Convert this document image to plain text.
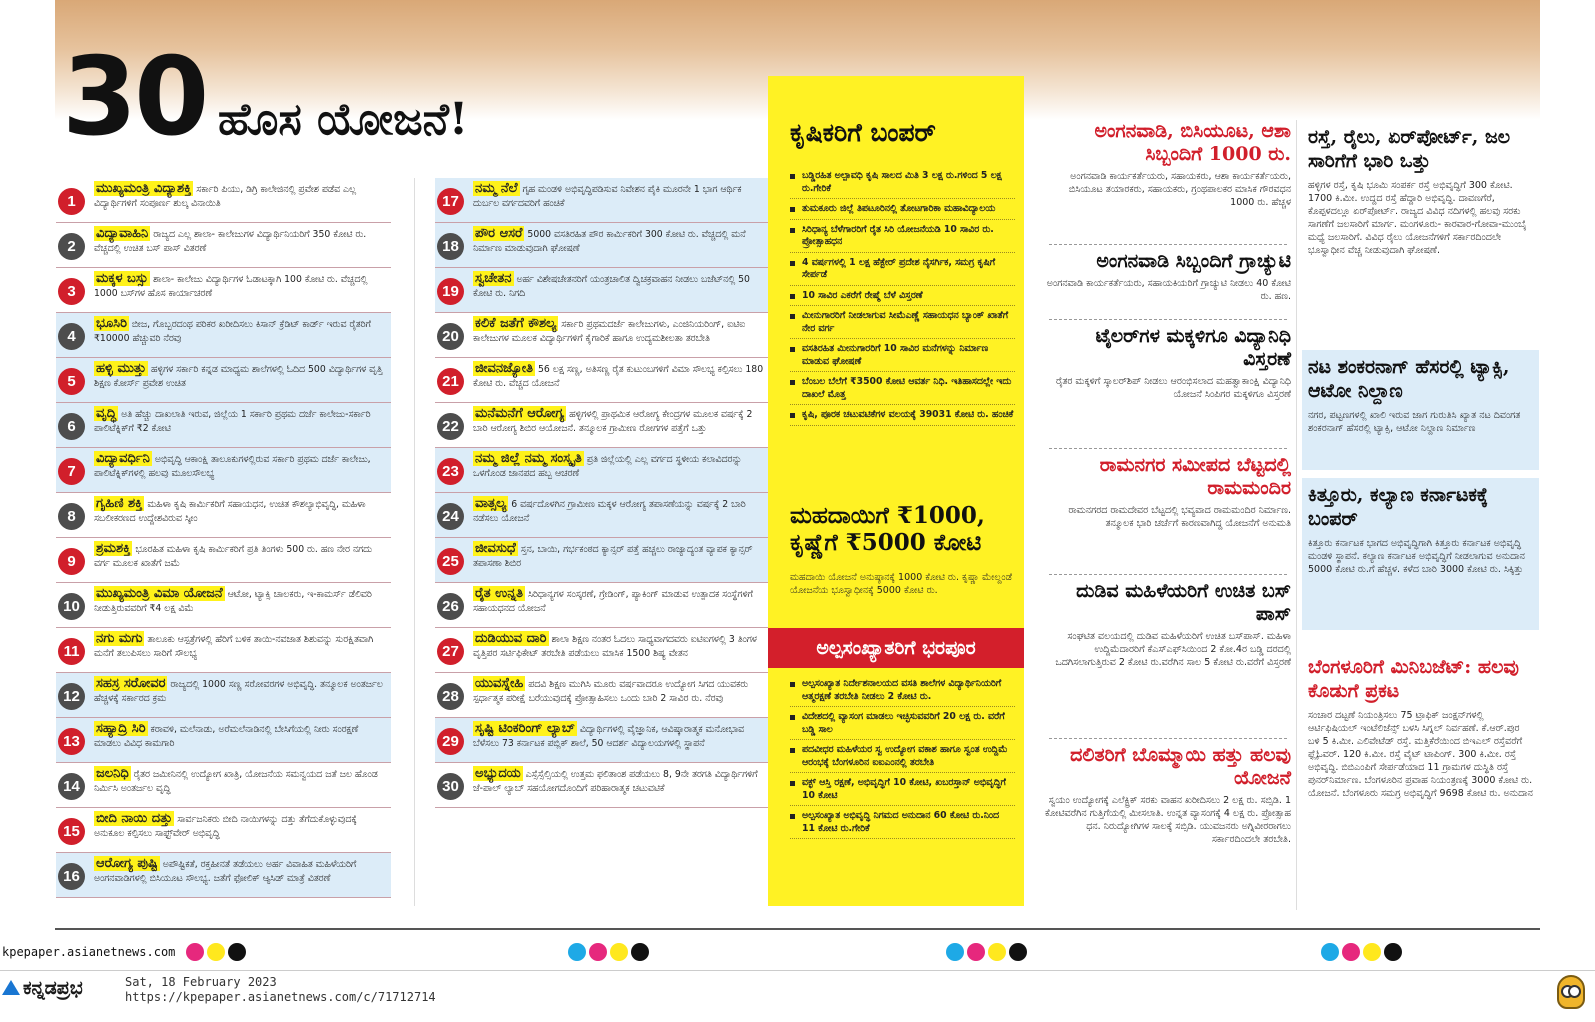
30 ಹೊಸ ಯೋಜನೆ!
1
ಮುಖ್ಯಮಂತ್ರಿ ವಿದ್ಯಾಶಕ್ತಿ ಸರ್ಕಾರಿ ಪಿಯು, ಡಿಗ್ರಿ ಕಾಲೇಜಿನಲ್ಲಿ ಪ್ರವೇಶ ಪಡೆವ ಎಲ್ಲ ವಿದ್ಯಾರ್ಥಿಗಳಿಗೆ ಸಂಪೂರ್ಣ ಶುಲ್ಕ ವಿನಾಯಿತಿ
2
ವಿದ್ಯಾವಾಹಿನಿ ರಾಜ್ಯದ ಎಲ್ಲ ಶಾಲಾ- ಕಾಲೇಜುಗಳ ವಿದ್ಯಾರ್ಥಿನಿಯರಿಗೆ 350 ಕೋಟಿ ರು. ವೆಚ್ಚದಲ್ಲಿ ಉಚಿತ ಬಸ್ ಪಾಸ್ ವಿತರಣೆ
3
ಮಕ್ಕಳ ಬಸ್ಸು ಶಾಲಾ- ಕಾಲೇಜು ವಿದ್ಯಾರ್ಥಿಗಳ ಓಡಾಟಕ್ಕಾಗಿ 100 ಕೋಟಿ ರು. ವೆಚ್ಚದಲ್ಲಿ 1000 ಬಸ್‌ಗಳ ಹೊಸ ಕಾರ್ಯಾಚರಣೆ
4
ಭೂಸಿರಿ ಬೀಜ, ಗೊಬ್ಬರದಂಥ ಪರಿಕರ ಖರೀದಿಸಲು ಕಿಸಾನ್ ಕ್ರೆಡಿಟ್ ಕಾರ್ಡ್ ಇರುವ ರೈತರಿಗೆ ₹10000 ಹೆಚ್ಚುವರಿ ನೆರವು
5
ಹಳ್ಳಿ ಮುತ್ತು ಹಳ್ಳಿಗಳ ಸರ್ಕಾರಿ ಕನ್ನಡ ಮಾಧ್ಯಮ ಶಾಲೆಗಳಲ್ಲಿ ಓದಿದ 500 ವಿದ್ಯಾರ್ಥಿಗಳ ವೃತ್ತಿ ಶಿಕ್ಷಣ ಕೋರ್ಸ್ ಪ್ರವೇಶ ಉಚಿತ
6
ವೃದ್ಧಿ ಅತಿ ಹೆಚ್ಚು ದಾಖಲಾತಿ ಇರುವ, ಜಿಲ್ಲೆಯ 1 ಸರ್ಕಾರಿ ಪ್ರಥಮ ದರ್ಜೆ ಕಾಲೇಜು-ಸರ್ಕಾರಿ ಪಾಲಿಟೆಕ್ನಿಕ್‌ಗೆ ₹2 ಕೋಟಿ
7
ವಿದ್ಯಾವರ್ಧಿನಿ ಅಭಿವೃದ್ಧಿ ಆಕಾಂಕ್ಷಿ ತಾಲೂಕುಗಳಲ್ಲಿರುವ ಸರ್ಕಾರಿ ಪ್ರಥಮ ದರ್ಜೆ ಕಾಲೇಜು, ಪಾಲಿಟೆಕ್ನಿಕ್‌ಗಳಲ್ಲಿ ಹಲವು ಮೂಲಸೌಲಭ್ಯ
8
ಗೃಹಿಣಿ ಶಕ್ತಿ ಮಹಿಳಾ ಕೃಷಿ ಕಾರ್ಮಿಕರಿಗೆ ಸಹಾಯಧನ, ಉಚಿತ ಕೌಶಲ್ಯಾಭಿವೃದ್ಧಿ, ಮಹಿಳಾ ಸಬಲೀಕರಣದ ಉದ್ದೇಶವಿರುವ ಸ್ಕೀಂ
9
ಶ್ರಮಶಕ್ತಿ ಭೂರಹಿತ ಮಹಿಳಾ ಕೃಷಿ ಕಾರ್ಮಿಕರಿಗೆ ಪ್ರತಿ ತಿಂಗಳು 500 ರು. ಹಣ ನೇರ ನಗದು ವರ್ಗ ಮೂಲಕ ಖಾತೆಗೆ ಜಮೆ
10
ಮುಖ್ಯಮಂತ್ರಿ ವಿಮಾ ಯೋಜನೆ ಆಟೋ, ಟ್ಯಾಕ್ಸಿ ಚಾಲಕರು, ಇ-ಕಾಮರ್ಸ್ ಡೆಲಿವರಿ ನೀಡುತ್ತಿರುವವರಿಗೆ ₹4 ಲಕ್ಷ ವಿಮೆ
11
ನಗು ಮಗು ತಾಲೂಕು ಆಸ್ಪತ್ರೆಗಳಲ್ಲಿ ಹೆರಿಗೆ ಬಳಿಕ ತಾಯಿ-ನವಜಾತ ಶಿಶುವನ್ನು ಸುರಕ್ಷಿತವಾಗಿ ಮನೆಗೆ ತಲುಪಿಸಲು ಸಾರಿಗೆ ಸೌಲಭ್ಯ
12
ಸಹಸ್ರ ಸರೋವರ ರಾಜ್ಯದಲ್ಲಿ 1000 ಸಣ್ಣ ಸರೋವರಗಳ ಅಭಿವೃದ್ಧಿ. ತನ್ಮೂಲಕ ಅಂತರ್ಜಲ ಹೆಚ್ಚಳಕ್ಕೆ ಸರ್ಕಾರದ ಕ್ರಮ
13
ಸಹ್ಯಾದ್ರಿ ಸಿರಿ ಕರಾವಳಿ, ಮಲೆನಾಡು, ಅರೆಮಲೆನಾಡಿನಲ್ಲಿ ಬೇಸಿಗೆಯಲ್ಲಿ ನೀರು ಸಂರಕ್ಷಣೆ ಮಾಡಲು ವಿವಿಧ ಕಾಮಗಾರಿ
14
ಜಲನಿಧಿ ರೈತರ ಜಮೀನಿನಲ್ಲಿ ಉದ್ಯೋಗ ಖಾತ್ರಿ, ಯೋಜನೆಯ ಸಮನ್ವಯದ ಜತೆ ಜಲ ಹೊಂಡ ನಿರ್ಮಿಸಿ ಅಂತರ್ಜಲ ವೃದ್ಧಿ
15
ಬೀದಿ ನಾಯಿ ದತ್ತು ಸಾರ್ವಜನಿಕರು ಬೀದಿ ನಾಯಿಗಳನ್ನು ದತ್ತು ತೆಗೆದುಕೊಳ್ಳುವುದಕ್ಕೆ ಅನುಕೂಲ ಕಲ್ಪಿಸಲು ಸಾಫ್ಟ್‌ವೇರ್ ಅಭಿವೃದ್ಧಿ
16
ಆರೋಗ್ಯ ಪುಷ್ಟಿ ಅಪೌಷ್ಟಿಕತೆ, ರಕ್ತಹೀನತೆ ತಡೆಯಲು ಅರ್ಹ ವಿವಾಹಿತ ಮಹಿಳೆಯರಿಗೆ ಅಂಗನವಾಡಿಗಳಲ್ಲಿ ಬಿಸಿಯೂಟ ಸೌಲಭ್ಯ. ಜತೆಗೆ ಫೋಲಿಕ್ ಆ್ಯಸಿಡ್ ಮಾತ್ರೆ ವಿತರಣೆ
17
ನಮ್ಮ ನೆಲೆ ಗೃಹ ಮಂಡಳಿ ಅಭಿವೃದ್ಧಿಪಡಿಸುವ ನಿವೇಶನ ಪೈಕಿ ಮೂರನೇ 1 ಭಾಗ ಆರ್ಥಿಕ ದುರ್ಬಲ ವರ್ಗದವರಿಗೆ ಹಂಚಿಕೆ
18
ಪೌರ ಆಸರೆ 5000 ವಸತಿರಹಿತ ಪೌರ ಕಾರ್ಮಿಕರಿಗೆ 300 ಕೋಟಿ ರು. ವೆಚ್ಚದಲ್ಲಿ ಮನೆ ನಿರ್ಮಾಣ ಮಾಡುವುದಾಗಿ ಘೋಷಣೆ
19
ಸ್ವಚೇತನ ಅರ್ಹ ವಿಶೇಷಚೇತನರಿಗೆ ಯಂತ್ರಚಾಲಿತ ದ್ವಿಚಕ್ರವಾಹನ ನೀಡಲು ಬಜೆಟ್‌ನಲ್ಲಿ 50 ಕೋಟಿ ರು. ನಿಗದಿ
20
ಕಲಿಕೆ ಜತೆಗೆ ಕೌಶಲ್ಯ ಸರ್ಕಾರಿ ಪ್ರಥಮದರ್ಜೆ ಕಾಲೇಜುಗಳು, ಎಂಜಿನಿಯರಿಂಗ್, ಐಟಿಐ ಕಾಲೇಜುಗಳ ಮೂಲಕ ವಿದ್ಯಾರ್ಥಿಗಳಿಗೆ ಕೈಗಾರಿಕೆ ಹಾಗೂ ಉದ್ಯಮಶೀಲತಾ ತರಬೇತಿ
21
ಜೀವನಜ್ಯೋತಿ 56 ಲಕ್ಷ ಸಣ್ಣ, ಅತಿಸಣ್ಣ ರೈತ ಕುಟುಂಬಗಳಿಗೆ ವಿಮಾ ಸೌಲಭ್ಯ ಕಲ್ಪಿಸಲು 180 ಕೋಟಿ ರು. ವೆಚ್ಚದ ಯೋಜನೆ
22
ಮನೆಮನೆಗೆ ಆರೋಗ್ಯ ಹಳ್ಳಿಗಳಲ್ಲಿ ಪ್ರಾಥಮಿಕ ಆರೋಗ್ಯ ಕೇಂದ್ರಗಳ ಮೂಲಕ ವರ್ಷಕ್ಕೆ 2 ಬಾರಿ ಆರೋಗ್ಯ ಶಿಬಿರ ಆಯೋಜನೆ. ತನ್ಮೂಲಕ ಗ್ರಾಮೀಣ ರೋಗಗಳ ಪತ್ತೆಗೆ ಒತ್ತು
23
ನಮ್ಮ ಜಿಲ್ಲೆ ನಮ್ಮ ಸಂಸ್ಕೃತಿ ಪ್ರತಿ ಜಿಲ್ಲೆಯಲ್ಲಿ ಎಲ್ಲ ವರ್ಗದ ಸ್ಥಳೀಯ ಕಲಾವಿದರನ್ನು ಒಳಗೊಂಡ ಜಾನಪದ ಹಬ್ಬ ಆಚರಣೆ
24
ವಾತ್ಸಲ್ಯ 6 ವರ್ಷದೊಳಗಿನ ಗ್ರಾಮೀಣ ಮಕ್ಕಳ ಆರೋಗ್ಯ ತಪಾಸಣೆಯನ್ನು ವರ್ಷಕ್ಕೆ 2 ಬಾರಿ ನಡೆಸಲು ಯೋಜನೆ
25
ಜೀವಸುಧೆ ಸ್ತನ, ಬಾಯಿ, ಗರ್ಭಕಂಠದ ಕ್ಯಾನ್ಸರ್ ಪತ್ತೆ ಹಚ್ಚಲು ರಾಜ್ಯಾದ್ಯಂತ ವ್ಯಾಪಕ ಕ್ಯಾನ್ಸರ್ ತಪಾಸಣಾ ಶಿಬಿರ
26
ರೈತ ಉನ್ನತಿ ಸಿರಿಧಾನ್ಯಗಳ ಸಂಸ್ಕರಣೆ, ಗ್ರೇಡಿಂಗ್, ಪ್ಯಾಕಿಂಗ್ ಮಾಡುವ ಉತ್ಪಾದಕ ಸಂಸ್ಥೆಗಳಿಗೆ ಸಹಾಯಧನದ ಯೋಜನೆ
27
ದುಡಿಯುವ ದಾರಿ ಶಾಲಾ ಶಿಕ್ಷಣ ನಂತರ ಓದಲು ಸಾಧ್ಯವಾಗದವರು ಐಟಿಐಗಳಲ್ಲಿ 3 ತಿಂಗಳ ವೃತ್ತಿಪರ ಸರ್ಟಿಫಿಕೇಟ್ ತರಬೇತಿ ಪಡೆಯಲು ಮಾಸಿಕ 1500 ಶಿಷ್ಯ ವೇತನ
28
ಯುವಸ್ನೇಹಿ ಪದವಿ ಶಿಕ್ಷಣ ಮುಗಿಸಿ ಮೂರು ವರ್ಷವಾದರೂ ಉದ್ಯೋಗ ಸಿಗದ ಯುವಕರು ಸ್ಪರ್ಧಾತ್ಮಕ ಪರೀಕ್ಷೆ ಬರೆಯುವುದಕ್ಕೆ ಪ್ರೋತ್ಸಾಹಿಸಲು ಒಂದು ಬಾರಿ 2 ಸಾವಿರ ರು. ನೆರವು
29
ಸೃಷ್ಟಿ ಟಿಂಕರಿಂಗ್ ಲ್ಯಾಬ್ ವಿದ್ಯಾರ್ಥಿಗಳಲ್ಲಿ ವೈಜ್ಞಾನಿಕ, ಆವಿಷ್ಕಾರಾತ್ಮಕ ಮನೋಭಾವ ಬೆಳೆಸಲು 73 ಕರ್ನಾಟಕ ಪಬ್ಲಿಕ್ ಶಾಲೆ, 50 ಆದರ್ಶ ವಿದ್ಯಾಲಯಗಳಲ್ಲಿ ಸ್ಥಾಪನೆ
30
ಅಭ್ಯುದಯ ಎಸ್ಸೆಸ್ಸೆಲ್ಸಿಯಲ್ಲಿ ಉತ್ತಮ ಫಲಿತಾಂಶ ಪಡೆಯಲು 8, 9ನೇ ತರಗತಿ ವಿದ್ಯಾರ್ಥಿಗಳಿಗೆ ಜೆ-ಪಾಲ್ ಲ್ಯಾಬ್ ಸಹಯೋಗದೊಂದಿಗೆ ಪರಿಹಾರಾತ್ಮಕ ಚಟುವಟಿಕೆ
ಕೃಷಿಕರಿಗೆ ಬಂಪರ್
ಬಡ್ಡಿರಹಿತ ಅಲ್ಪಾವಧಿ ಕೃಷಿ ಸಾಲದ ಮಿತಿ 3 ಲಕ್ಷ ರು.ಗಳಿಂದ 5 ಲಕ್ಷ ರು.ಗೇರಿಕೆ
ತುಮಕೂರು ಜಿಲ್ಲೆ ತಿಪಟೂರಿನಲ್ಲಿ ತೋಟಗಾರಿಕಾ ಮಹಾವಿದ್ಯಾಲಯ
ಸಿರಿಧಾನ್ಯ ಬೆಳೆಗಾರರಿಗೆ ರೈತ ಸಿರಿ ಯೋಜನೆಯಡಿ 10 ಸಾವಿರ ರು. ಪ್ರೋತ್ಸಾಹಧನ
4 ವರ್ಷಗಳಲ್ಲಿ 1 ಲಕ್ಷ ಹೆಕ್ಟೇರ್ ಪ್ರದೇಶ ನೈಸರ್ಗಿಕ, ಸಮಗ್ರ ಕೃಷಿಗೆ ಸೇರ್ಪಡೆ
10 ಸಾವಿರ ಎಕರೆಗೆ ರೇಷ್ಮೆ ಬೆಳೆ ವಿಸ್ತರಣೆ
ಮೀನುಗಾರರಿಗೆ ನೀಡಲಾಗುವ ಸೀಮೆಎಣ್ಣೆ ಸಹಾಯಧನ ಬ್ಯಾಂಕ್ ಖಾತೆಗೆ ನೇರ ವರ್ಗ
ವಸತಿರಹಿತ ಮೀನುಗಾರರಿಗೆ 10 ಸಾವಿರ ಮನೆಗಳನ್ನು ನಿರ್ಮಾಣ ಮಾಡುವ ಘೋಷಣೆ
ಬೆಂಬಲ ಬೆಲೆಗೆ ₹3500 ಕೋಟಿ ಆವರ್ತ ನಿಧಿ. ಇತಿಹಾಸದಲ್ಲೇ ಇದು ದಾಖಲೆ ಮೊತ್ತ
ಕೃಷಿ, ಪೂರಕ ಚಟುವಟಿಕೆಗಳ ವಲಯಕ್ಕೆ 39031 ಕೋಟಿ ರು. ಹಂಚಿಕೆ
ಮಹದಾಯಿಗೆ ₹1000, ಕೃಷ್ಣೆಗೆ ₹5000 ಕೋಟಿ
ಮಹದಾಯಿ ಯೋಜನೆ ಅನುಷ್ಠಾನಕ್ಕೆ 1000 ಕೋಟಿ ರು. ಕೃಷ್ಣಾ ಮೇಲ್ದಂಡೆ ಯೋಜನೆಯ ಭೂಸ್ವಾಧೀನಕ್ಕೆ 5000 ಕೋಟಿ ರು.
ಅಲ್ಪಸಂಖ್ಯಾತರಿಗೆ ಭರಪೂರ
ಅಲ್ಪಸಂಖ್ಯಾತ ನಿರ್ದೇಶನಾಲಯದ ವಸತಿ ಶಾಲೆಗಳ ವಿದ್ಯಾರ್ಥಿನಿಯರಿಗೆ ಆತ್ಮರಕ್ಷಣೆ ತರಬೇತಿ ನೀಡಲು 2 ಕೋಟಿ ರು.
ವಿದೇಶದಲ್ಲಿ ವ್ಯಾಸಂಗ ಮಾಡಲು ಇಚ್ಛಿಸುವವರಿಗೆ 20 ಲಕ್ಷ ರು. ವರೆಗೆ ಬಡ್ಡಿ ಸಾಲ
ಪದವೀಧರ ಮಹಿಳೆಯರ ಸ್ವ ಉದ್ಯೋಗ ವಕಾಶ ಹಾಗೂ ಸ್ವಂತ ಉದ್ದಿಮೆ ಆರಂಭಕ್ಕೆ ಬೆಂಗಳೂರಿನ ಐಐಎಂನಲ್ಲಿ ತರಬೇತಿ
ವಕ್ಫ್ ಆಸ್ತಿ ರಕ್ಷಣೆ, ಅಭಿವೃದ್ಧಿಗೆ 10 ಕೋಟಿ, ಖಬರಸ್ತಾನ್ ಅಭಿವೃದ್ಧಿಗೆ 10 ಕೋಟಿ
ಅಲ್ಪಸಂಖ್ಯಾತ ಅಭಿವೃದ್ಧಿ ನಿಗಮದ ಅನುದಾನ 60 ಕೋಟಿ ರು.ನಿಂದ 11 ಕೋಟಿ ರು.ಗೇರಿಕೆ
ಅಂಗನವಾಡಿ, ಬಿಸಿಯೂಟ, ಆಶಾ ಸಿಬ್ಬಂದಿಗೆ 1000 ರು.

ಅಂಗನವಾಡಿ ಕಾರ್ಯಕರ್ತೆಯರು, ಸಹಾಯಕರು, ಆಶಾ ಕಾರ್ಯಕರ್ತೆಯರು, ಬಿಸಿಯೂಟ ತಯಾರಕರು, ಸಹಾಯಕರು, ಗ್ರಂಥಪಾಲಕರ ಮಾಸಿಕ ಗೌರವಧನ 1000 ರು. ಹೆಚ್ಚಳ

ಅಂಗನವಾಡಿ ಸಿಬ್ಬಂದಿಗೆ ಗ್ರಾಚ್ಯುಟಿ

ಅಂಗನವಾಡಿ ಕಾರ್ಯಕರ್ತೆಯರು, ಸಹಾಯಕಿಯರಿಗೆ ಗ್ರಾಚ್ಯುಟಿ ನೀಡಲು 40 ಕೋಟಿ ರು. ಹಣ.

ಟೈಲರ್‌ಗಳ ಮಕ್ಕಳಿಗೂ ವಿದ್ಯಾನಿಧಿ ವಿಸ್ತರಣೆ

ರೈತರ ಮಕ್ಕಳಿಗೆ ಸ್ಕಾಲರ್‌ಶಿಪ್ ನೀಡಲು ಆರಂಭಿಸಲಾದ ಮಹತ್ವಾಕಾಂಕ್ಷಿ ವಿದ್ಯಾನಿಧಿ ಯೋಜನೆ ಸಿಂಪಿಗರ ಮಕ್ಕಳಿಗೂ ವಿಸ್ತರಣೆ

ರಾಮನಗರ ಸಮೀಪದ ಬೆಟ್ಟದಲ್ಲಿ ರಾಮಮಂದಿರ

ರಾಮನಗರದ ರಾಮದೇವರ ಬೆಟ್ಟದಲ್ಲಿ ಭವ್ಯವಾದ ರಾಮಮಂದಿರ ನಿರ್ಮಾಣ. ತನ್ಮೂಲಕ ಭಾರಿ ಚರ್ಚೆಗೆ ಕಾರಣವಾಗಿದ್ದ ಯೋಜನೆಗೆ ಅನುಮತಿ

ದುಡಿವ ಮಹಿಳೆಯರಿಗೆ ಉಚಿತ ಬಸ್ ಪಾಸ್

ಸಂಘಟಿತ ವಲಯದಲ್ಲಿ ದುಡಿವ ಮಹಿಳೆಯರಿಗೆ ಉಚಿತ ಬಸ್‌ಪಾಸ್. ಮಹಿಳಾ ಉದ್ದಿಮೆದಾರರಿಗೆ ಕೆಎಸ್ಎಫ್‌ಸಿಯಿಂದ 2 ಕೋ.4ರ ಬಡ್ಡಿ ದರದಲ್ಲಿ ಒದಗಿಸಲಾಗುತ್ತಿರುವ 2 ಕೋಟಿ ರು.ವರೆಗಿನ ಸಾಲ 5 ಕೋಟಿ ರು.ವರೆಗೆ ವಿಸ್ತರಣೆ

ದಲಿತರಿಗೆ ಬೊಮ್ಮಾಯಿ ಹತ್ತು ಹಲವು ಯೋಜನೆ

ಸ್ವಯಂ ಉದ್ಯೋಗಕ್ಕೆ ಎಲೆಕ್ಟ್ರಿಕ್ ಸರಕು ವಾಹನ ಖರೀದಿಸಲು 2 ಲಕ್ಷ ರು. ಸಬ್ಸಿಡಿ. 1 ಕೋಟಿವರೆಗಿನ ಗುತ್ತಿಗೆಯಲ್ಲಿ ಮೀಸಲಾತಿ. ಉನ್ನತ ವ್ಯಾಸಂಗಕ್ಕೆ 4 ಲಕ್ಷ ರು. ಪ್ರೋತ್ಸಾಹ ಧನ. ನಿರುದ್ಯೋಗಿಗಳ ಸಾಲಕ್ಕೆ ಸಬ್ಸಿಡಿ. ಯುವಜನರು ಅಗ್ನಿವೀರರಾಗಲು ಸರ್ಕಾರದಿಂದಲೇ ತರಬೇತಿ.

ರಸ್ತೆ, ರೈಲು, ಏರ್‌ಪೋರ್ಟ್, ಜಲ ಸಾರಿಗೆಗೆ ಭಾರಿ ಒತ್ತು

ಹಳ್ಳಿಗಳ ರಸ್ತೆ, ಕೃಷಿ ಭೂಮಿ ಸಂಪರ್ಕ ರಸ್ತೆ ಅಭಿವೃದ್ಧಿಗೆ 300 ಕೋಟಿ. 1700 ಕಿ.ಮೀ. ಉದ್ದದ ರಸ್ತೆ ಹೆದ್ದಾರಿ ಅಭಿವೃದ್ಧಿ. ದಾವಣಗೆರೆ, ಕೊಪ್ಪಳದಲ್ಲೂ ಏರ್‌ಪೋರ್ಟ್. ರಾಜ್ಯದ ವಿವಿಧ ನದಿಗಳಲ್ಲಿ ಹಲವು ಸರಕು ಸಾಗಣೆಗೆ ಜಲಸಾರಿಗೆ ಮಾರ್ಗ. ಮಂಗಳೂರು- ಕಾರವಾರ-ಗೋವಾ-ಮುಂಬೈ ಮಧ್ಯೆ ಜಲಸಾರಿಗೆ. ವಿವಿಧ ರೈಲು ಯೋಜನೆಗಳಿಗೆ ಸರ್ಕಾರದಿಂದಲೇ ಭೂಸ್ವಾಧೀನ ವೆಚ್ಚ ನೀಡುವುದಾಗಿ ಘೋಷಣೆ.

ನಟ ಶಂಕರನಾಗ್ ಹೆಸರಲ್ಲಿ ಟ್ಯಾಕ್ಸಿ, ಆಟೋ ನಿಲ್ದಾಣ

ನಗರ, ಪಟ್ಟಣಗಳಲ್ಲಿ ಖಾಲಿ ಇರುವ ಜಾಗ ಗುರುತಿಸಿ ಖ್ಯಾತ ನಟ ದಿವಂಗತ ಶಂಕರನಾಗ್ ಹೆಸರಲ್ಲಿ ಟ್ಯಾಕ್ಸಿ, ಆಟೋ ನಿಲ್ದಾಣ ನಿರ್ಮಾಣ

ಕಿತ್ತೂರು, ಕಲ್ಯಾಣ ಕರ್ನಾಟಕಕ್ಕೆ ಬಂಪರ್

ಕಿತ್ತೂರು ಕರ್ನಾಟಕ ಭಾಗದ ಅಭಿವೃದ್ಧಿಗಾಗಿ ಕಿತ್ತೂರು ಕರ್ನಾಟಕ ಅಭಿವೃದ್ಧಿ ಮಂಡಳಿ ಸ್ಥಾಪನೆ. ಕಲ್ಯಾಣ ಕರ್ನಾಟಕ ಅಭಿವೃದ್ಧಿಗೆ ನೀಡಲಾಗುವ ಅನುದಾನ 5000 ಕೋಟಿ ರು.ಗೆ ಹೆಚ್ಚಳ. ಕಳೆದ ಬಾರಿ 3000 ಕೋಟಿ ರು. ಸಿಕ್ಕಿತ್ತು

ಬೆಂಗಳೂರಿಗೆ ಮಿನಿಬಜೆಟ್: ಹಲವು ಕೊಡುಗೆ ಪ್ರಕಟ

ಸಂಚಾರ ದಟ್ಟಣೆ ನಿಯಂತ್ರಿಸಲು 75 ಟ್ರಾಫಿಕ್ ಜಂಕ್ಷನ್‌ಗಳಲ್ಲಿ ಆರ್ಟಿಫಿಷಿಯಲ್ ಇಂಟೆಲಿಜೆನ್ಸ್ ಬಳಸಿ ಸಿಗ್ನಲ್ ನಿರ್ವಹಣೆ. ಕೆ.ಆರ್.ಪುರ ಬಳಿ 5 ಕಿ.ಮೀ. ಎಲಿವೇಟೆಡ್ ರಸ್ತೆ. ಮತ್ತಿಕೆರೆಯಿಂದ ಬಿಇಎಲ್ ರಸ್ತೆವರೆಗೆ ಫ್ಲೈಓವರ್. 120 ಕಿ.ಮೀ. ರಸ್ತೆ ವೈಟ್ ಟಾಪಿಂಗ್. 300 ಕಿ.ಮೀ. ರಸ್ತೆ ಅಭಿವೃದ್ಧಿ. ಬಿಬಿಎಂಪಿಗೆ ಸೇರ್ಪಡೆಯಾದ 11 ಗ್ರಾಮಗಳ ದುಸ್ಥಿತಿ ರಸ್ತೆ ಪುನರ್‌ನಿರ್ಮಾಣ. ಬೆಂಗಳೂರಿನ ಪ್ರವಾಹ ನಿಯಂತ್ರಣಕ್ಕೆ 3000 ಕೋಟಿ ರು. ಯೋಜನೆ. ಬೆಂಗಳೂರು ಸಮಗ್ರ ಅಭಿವೃದ್ಧಿಗೆ 9698 ಕೋಟಿ ರು. ಅನುದಾನ

kpepaper.asianetnews.com
ಕನ್ನಡಪ್ರಭ	Sat, 18 February 2023
https://kpepaper.asianetnews.com/c/71712714
